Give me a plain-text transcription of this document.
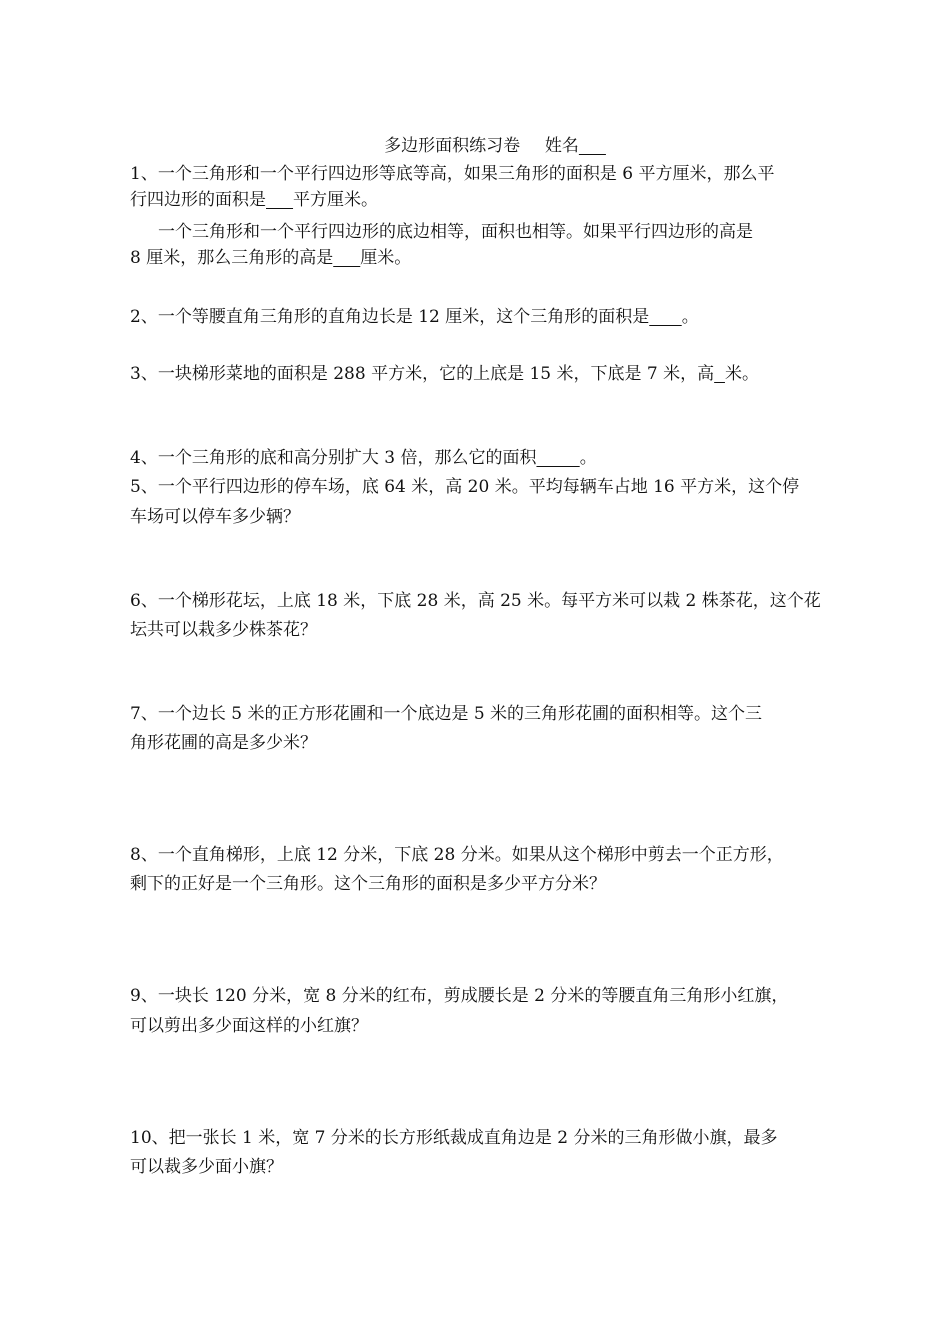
多边形面积练习卷 姓名
1、一个三角形和一个平行四边形等底等高，如果三角形的面积是 6 平方厘米，那么平
行四边形的面积是 平方厘米。
一个三角形和一个平行四边形的底边相等，面积也相等。如果平行四边形的高是
8 厘米，那么三角形的高是 厘米。
2、一个等腰直角三角形的直角边长是 12 厘米，这个三角形的面积是 。
3、一块梯形菜地的面积是 288 平方米，它的上底是 15 米，下底是 7 米，高 米。
4、一个三角形的底和高分别扩大 3 倍，那么它的面积	。
5、一个平行四边形的停车场，底 64 米，高 20 米。平均每辆车占地 16 平方米，这个停
车场可以停车多少辆？
6、一个梯形花坛，上底 18 米，下底 28 米，高 25 米。每平方米可以栽 2 株茶花，这个花
坛共可以栽多少株茶花？
7、一个边长 5 米的正方形花圃和一个底边是 5 米的三角形花圃的面积相等。这个三
角形花圃的高是多少米？
8、一个直角梯形，上底 12 分米，下底 28 分米。如果从这个梯形中剪去一个正方形，
剩下的正好是一个三角形。这个三角形的面积是多少平方分米？
9、一块长 120 分米，宽 8 分米的红布，剪成腰长是 2 分米的等腰直角三角形小红旗，
可以剪出多少面这样的小红旗？
10、把一张长 1 米，宽 7 分米的长方形纸裁成直角边是 2 分米的三角形做小旗，最多
可以裁多少面小旗？
